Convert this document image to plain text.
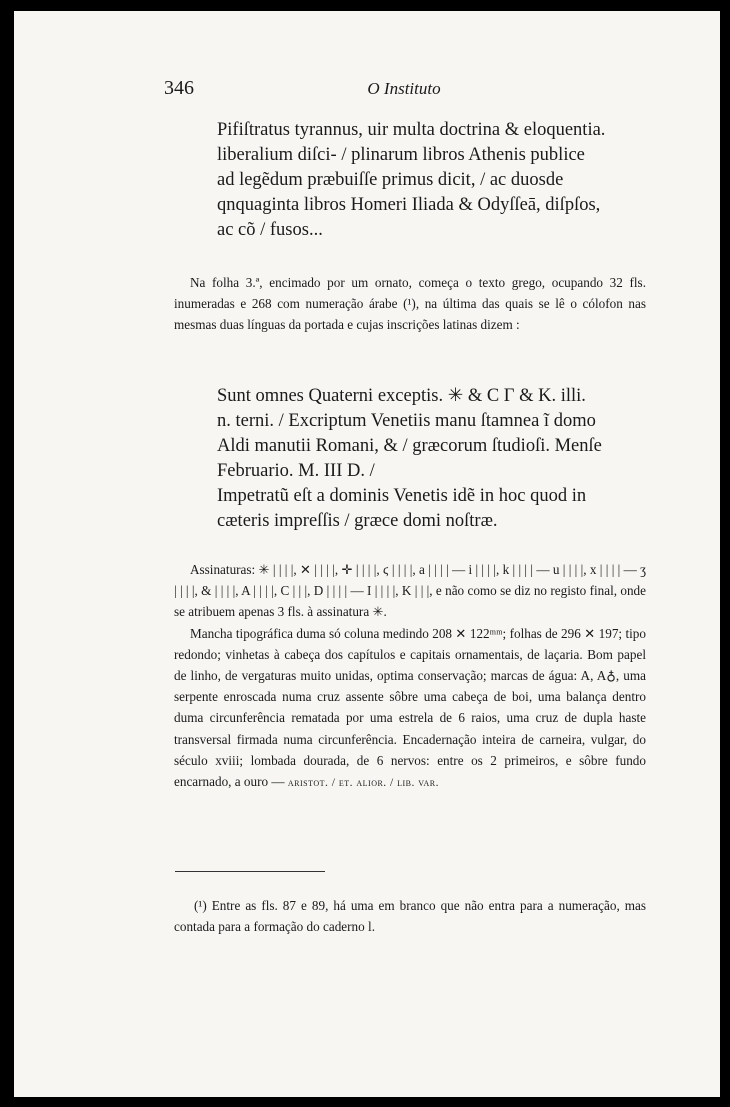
346	O Instituto
Pifiſtratus tyrannus, uir multa doctrina & eloquentia.
liberalium diſci- / plinarum libros Athenis publice
ad legẽdum præbuiſſe primus dicit, / ac duosde
qnquaginta libros Homeri Iliada & Odyſſeā, diſpſos,
ac cõ / fusos...

Na folha 3.ª, encimado por um ornato, começa o texto grego, ocupando 32 fls. inumeradas e 268 com numeração árabe (¹), na última das quais se lê o cólofon nas mesmas duas línguas da portada e cujas inscrições latinas dizem :

Sunt omnes Quaterni exceptis. ✳ & C Γ & K. illi.
n. terni. / Excriptum Venetiis manu ſtamnea ĩ domo
Aldi manutii Romani, & / græcorum ſtudioſi. Menſe
Februario. M. III D. /
Impetratũ eſt a dominis Venetis idẽ in hoc quod in
cæteris impreſſis / græce domi noſtræ.

Assinaturas: ✳ | | | |, ✕ | | | |, ✛ | | | |, ϛ | | | |, a | | | | — i | | | |, k | | | | — u | | | |, x | | | | — ʒ | | | |, & | | | |, A | | | |, C | | |, D | | | | — I | | | |, K | | |, e não como se diz no registo final, onde se atribuem apenas 3 fls. à assinatura ✳.

Mancha tipográfica duma só coluna medindo 208 ✕ 122ᵐᵐ; folhas de 296 ✕ 197; tipo redondo; vinhetas à cabeça dos capítulos e capitais ornamentais, de laçaria. Bom papel de linho, de vergaturas muito unidas, optima conservação; marcas de água: A, A♁, uma serpente enroscada numa cruz assente sôbre uma cabeça de boi, uma balança dentro duma circunferência rematada por uma estrela de 6 raios, uma cruz de dupla haste transversal firmada numa circunferência. Encadernação inteira de carneira, vulgar, do século xviii; lombada dourada, de 6 nervos: entre os 2 primeiros, e sôbre fundo encarnado, a ouro — aristot. / et. alior. / lib. var.

(¹) Entre as fls. 87 e 89, há uma em branco que não entra para a numeração, mas contada para a formação do caderno l.
